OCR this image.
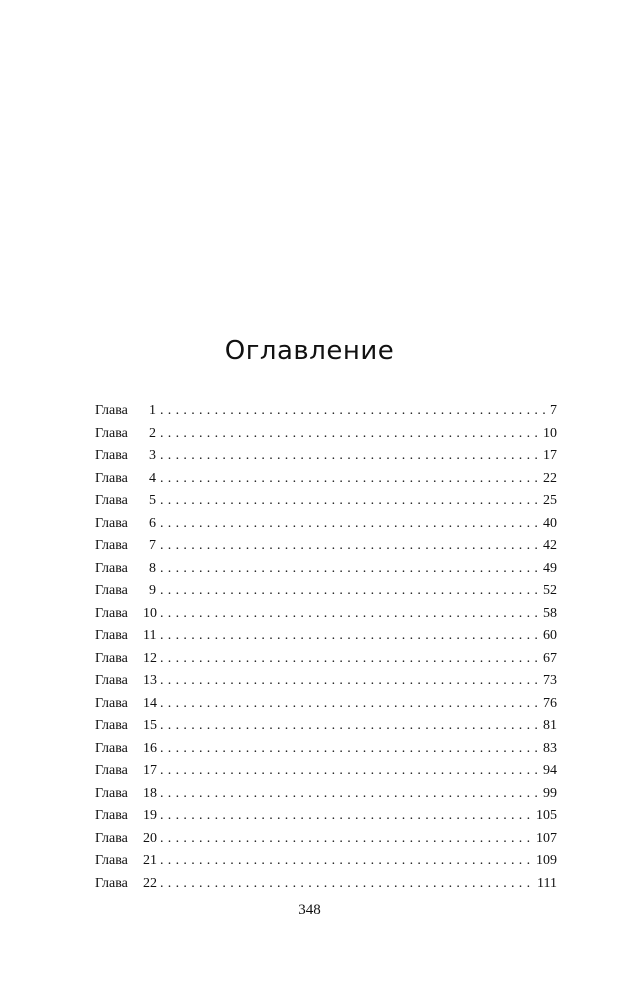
Оглавление
Глава	1 .....	7
Глава	2 .....	10
Глава	3 .....	17
Глава	4 .....	22
Глава	5 .....	25
Глава	6 .....	40
Глава	7 .....	42
Глава	8 .....	49
Глава	9 .....	52
Глава	10 .....	58
Глава	11 .....	60
Глава	12 .....	67
Глава	13 .....	73
Глава	14 .....	76
Глава	15 .....	81
Глава	16 .....	83
Глава	17 .....	94
Глава	18 .....	99
Глава	19 .....	105
Глава	20 .....	107
Глава	21 .....	109
Глава	22 .....	111
348
